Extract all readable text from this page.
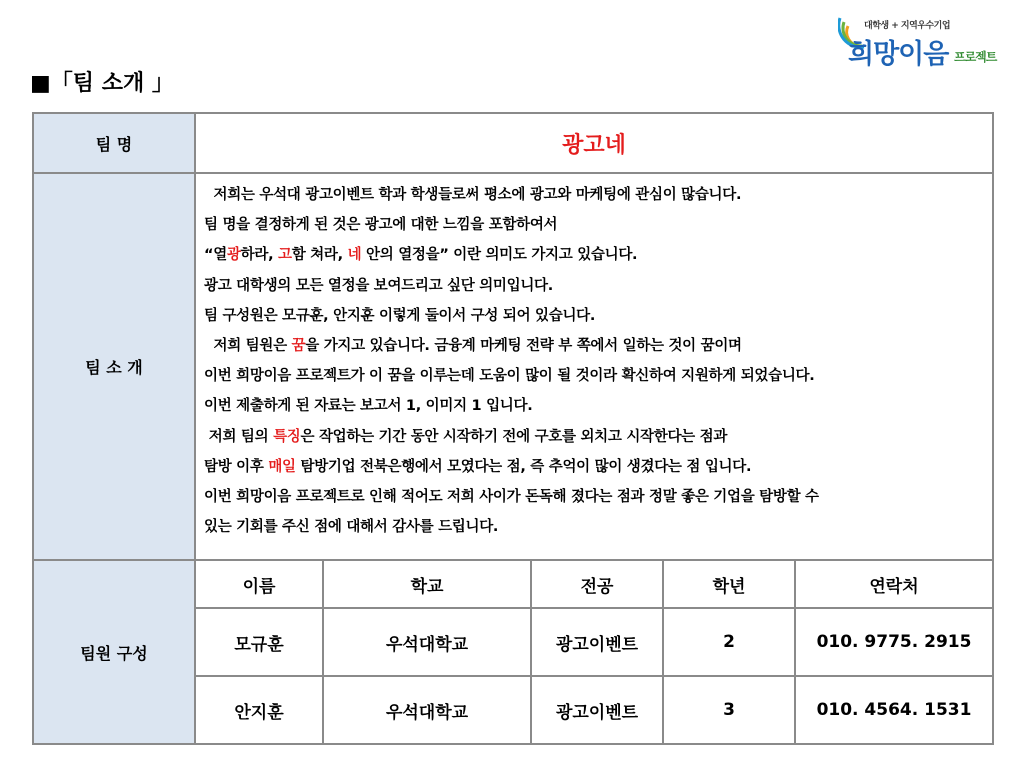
대학생 + 지역우수기업
희망이음 프로젝트
■「팀 소개 」
팀 명	광고네
팀 소 개	

저희는 우석대 광고이벤트 학과 학생들로써 평소에 광고와 마케팅에 관심이 많습니다.

팀 명을 결정하게 된 것은 광고에 대한 느낌을 포함하여서

“열광하라, 고함 쳐라, 네 안의 열정을” 이란 의미도 가지고 있습니다.

광고 대학생의 모든 열정을 보여드리고 싶단 의미입니다.

팀 구성원은 모규훈, 안지훈 이렇게 둘이서 구성 되어 있습니다.

저희 팀원은 꿈을 가지고 있습니다. 금융계 마케팅 전략 부 쪽에서 일하는 것이 꿈이며

이번 희망이음 프로젝트가 이 꿈을 이루는데 도움이 많이 될 것이라 확신하여 지원하게 되었습니다.

이번 제출하게 된 자료는 보고서 1, 이미지 1 입니다.

저희 팀의 특징은 작업하는 기간 동안 시작하기 전에 구호를 외치고 시작한다는 점과

탐방 이후 매일 탐방기업 전북은행에서 모였다는 점, 즉 추억이 많이 생겼다는 점 입니다.

이번 희망이음 프로젝트로 인해 적어도 저희 사이가 돈독해 졌다는 점과 정말 좋은 기업을 탐방할 수

있는 기회를 주신 점에 대해서 감사를 드립니다.

팀원 구성	
이름	학교	전공	학년	연락처
모규훈	우석대학교	광고이벤트	2	010. 9775. 2915
안지훈	우석대학교	광고이벤트	3	010. 4564. 1531
